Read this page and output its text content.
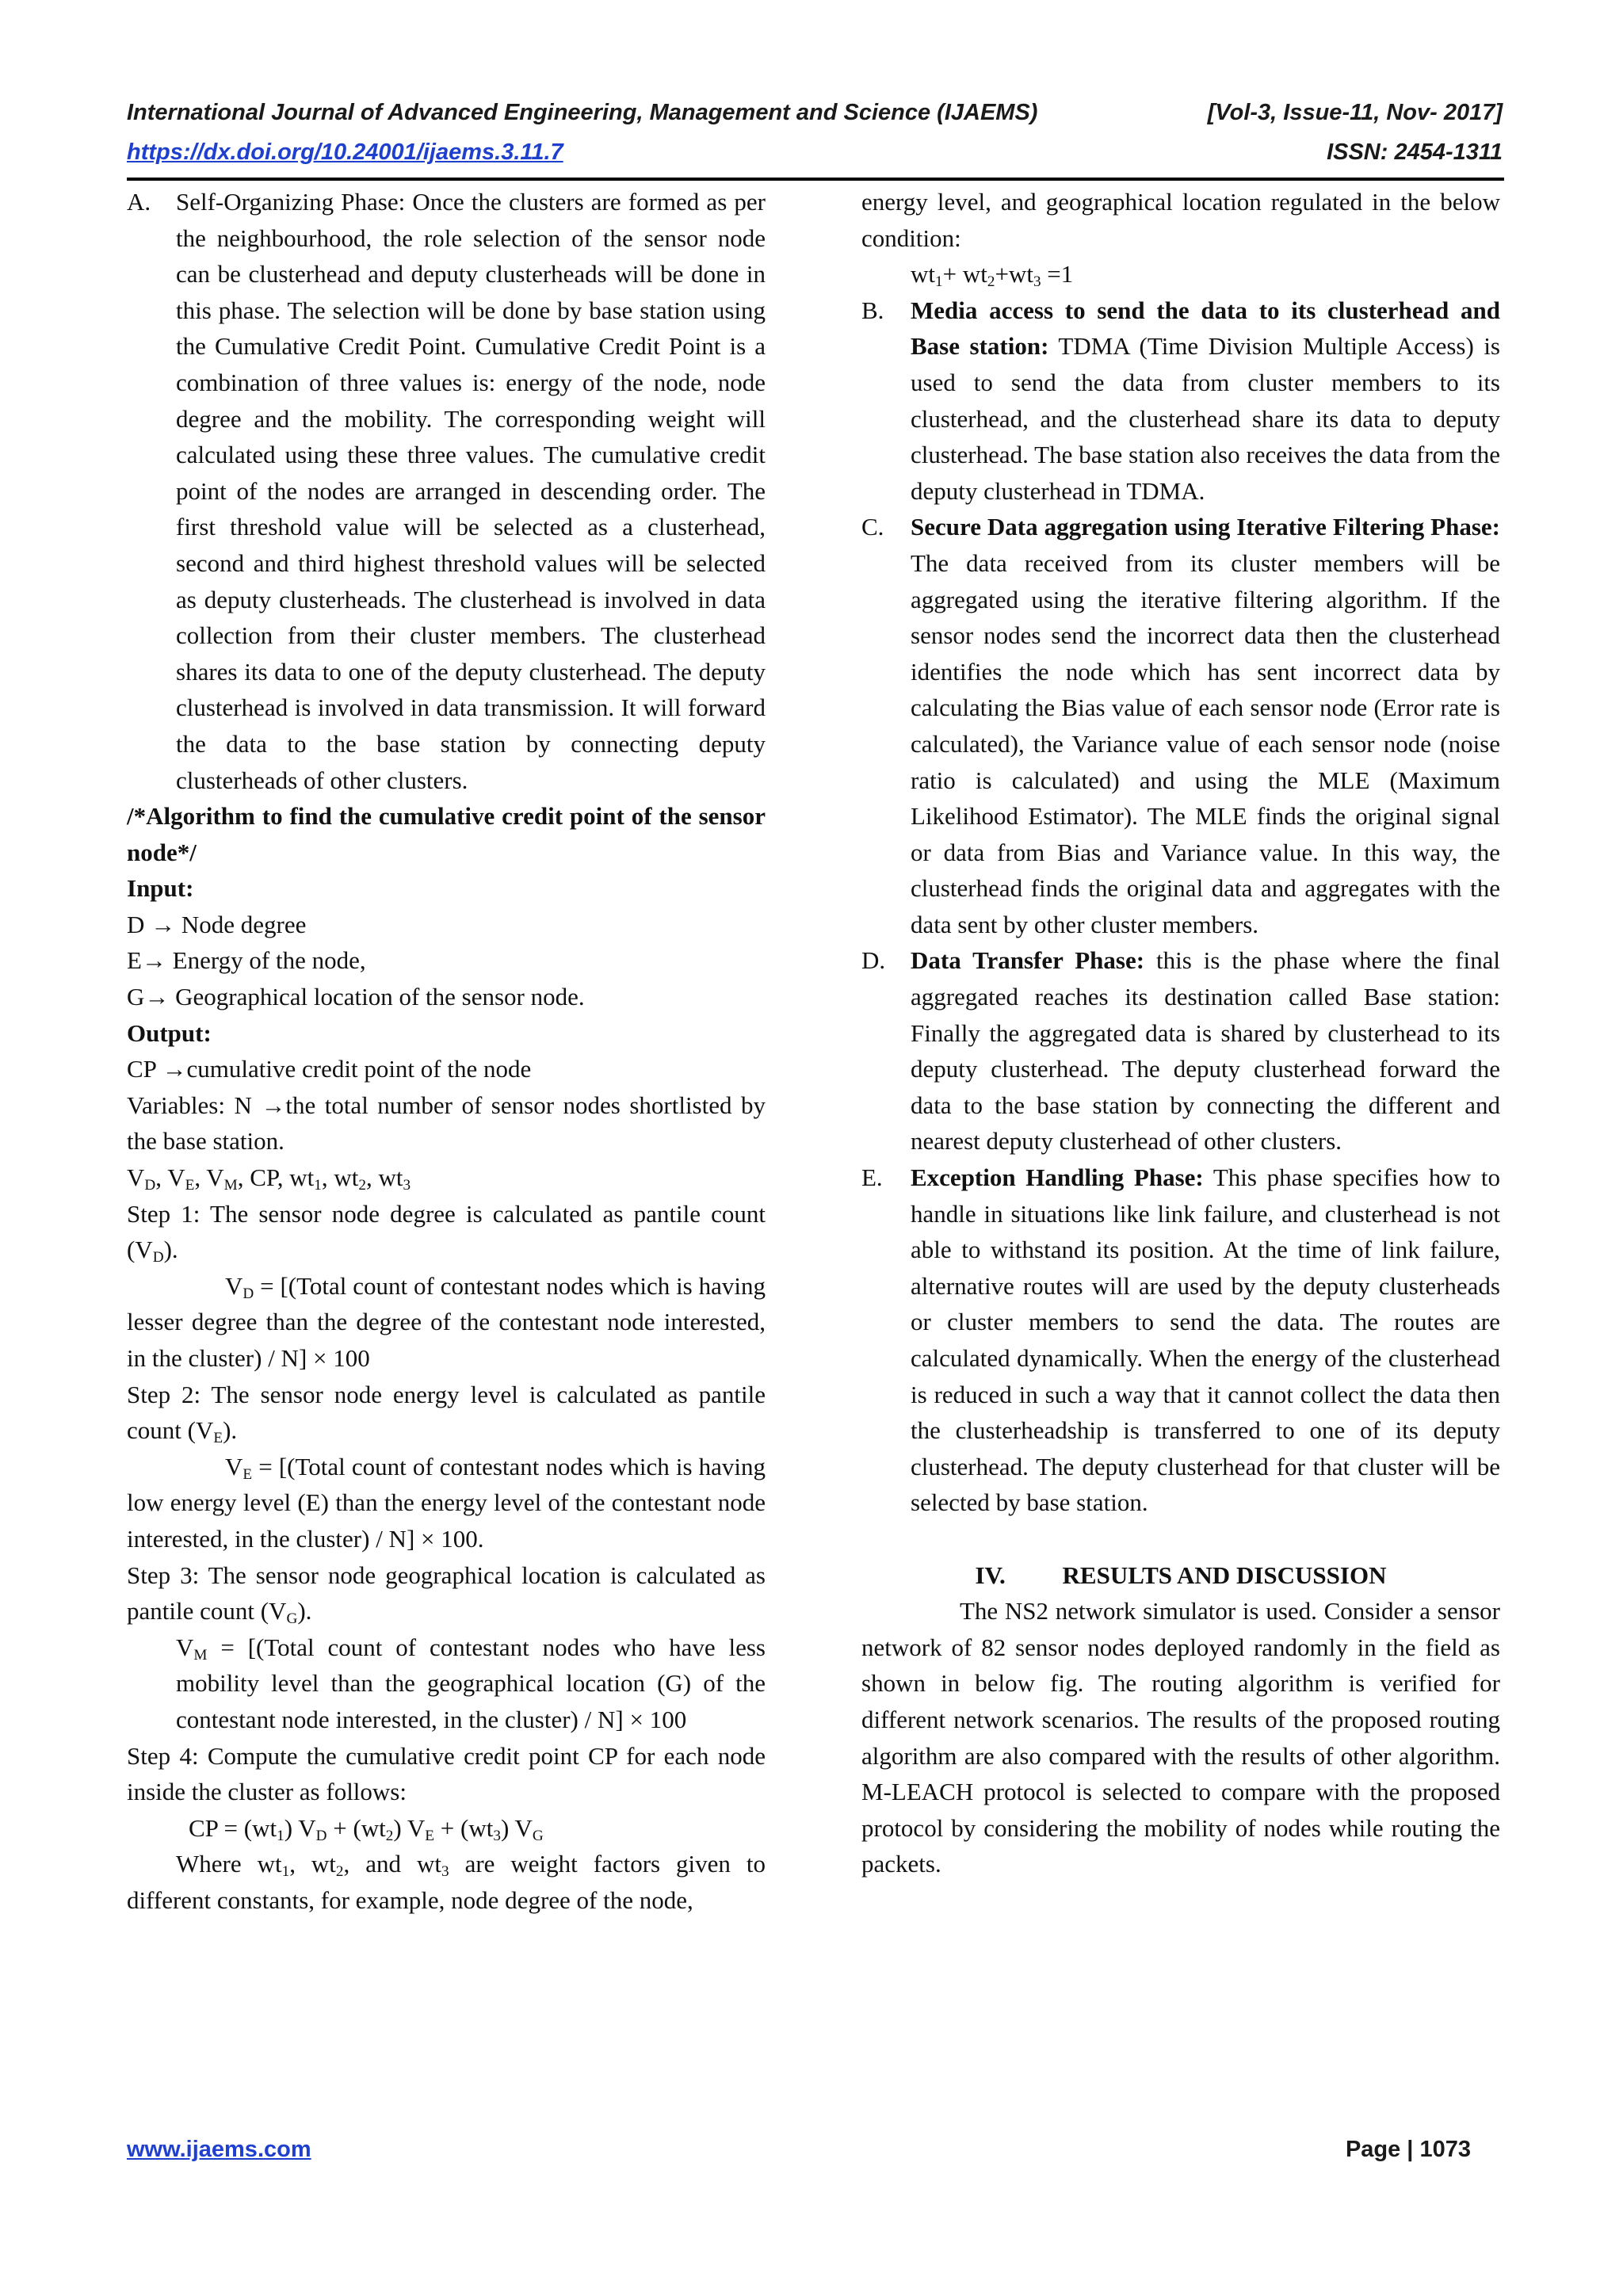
International Journal of Advanced Engineering, Management and Science (IJAEMS)	[Vol-3, Issue-11, Nov- 2017]
https://dx.doi.org/10.24001/ijaems.3.11.7	ISSN: 2454-1311
A.	Self-Organizing Phase: Once the clusters are formed as per the neighbourhood, the role selection of the sensor node can be clusterhead and deputy clusterheads will be done in this phase. The selection will be done by base station using the Cumulative Credit Point. Cumulative Credit Point is a combination of three values is: energy of the node, node degree and the mobility. The corresponding weight will calculated using these three values. The cumulative credit point of the nodes are arranged in descending order. The first threshold value will be selected as a clusterhead, second and third highest threshold values will be selected as deputy clusterheads. The clusterhead is involved in data collection from their cluster members. The clusterhead shares its data to one of the deputy clusterhead. The deputy clusterhead is involved in data transmission. It will forward the data to the base station by connecting deputy clusterheads of other clusters.
/*Algorithm to find the cumulative credit point of the sensor node*/
Input:
D → Node degree
E→ Energy of the node,
G→ Geographical location of the sensor node.
Output:
CP →cumulative credit point of the node
Variables: N →the total number of sensor nodes shortlisted by the base station.
$V_D$, $V_E$, $V_M$, CP, $wt_1$, $wt_2$, $wt_3$
Step 1: The sensor node degree is calculated as pantile count $(V_D)$.
$V_D$ = [(Total count of contestant nodes which is having lesser degree than the degree of the contestant node interested, in the cluster) / N] × 100
Step 2: The sensor node energy level is calculated as pantile count $(V_E)$.
$V_E$ = [(Total count of contestant nodes which is having low energy level (E) than the energy level of the contestant node interested, in the cluster) / N] × 100.
Step 3: The sensor node geographical location is calculated as pantile count $(V_G)$.
$V_M$ = [(Total count of contestant nodes who have less mobility level than the geographical location (G) of the contestant node interested, in the cluster) / N] × 100
Step 4: Compute the cumulative credit point CP for each node inside the cluster as follows:
CP = $(wt_1) V_D + (wt_2) V_E + (wt_3)$ $V_G$
Where $wt_1$, $wt_2$, and $wt_3$ are weight factors given to different constants, for example, node degree of the node,
energy level, and geographical location regulated in the below condition:
$wt_1+ wt_2+wt_3 =1$
B.	Media access to send the data to its clusterhead and Base station: TDMA (Time Division Multiple Access) is used to send the data from cluster members to its clusterhead, and the clusterhead share its data to deputy clusterhead. The base station also receives the data from the deputy clusterhead in TDMA.
C.	Secure Data aggregation using Iterative Filtering Phase: The data received from its cluster members will be aggregated using the iterative filtering algorithm. If the sensor nodes send the incorrect data then the clusterhead identifies the node which has sent incorrect data by calculating the Bias value of each sensor node (Error rate is calculated), the Variance value of each sensor node (noise ratio is calculated) and using the MLE (Maximum Likelihood Estimator). The MLE finds the original signal or data from Bias and Variance value. In this way, the clusterhead finds the original data and aggregates with the data sent by other cluster members.
D.	Data Transfer Phase: this is the phase where the final aggregated reaches its destination called Base station: Finally the aggregated data is shared by clusterhead to its deputy clusterhead. The deputy clusterhead forward the data to the base station by connecting the different and nearest deputy clusterhead of other clusters.
E.	Exception Handling Phase: This phase specifies how to handle in situations like link failure, and clusterhead is not able to withstand its position. At the time of link failure, alternative routes will are used by the deputy clusterheads or cluster members to send the data. The routes are calculated dynamically. When the energy of the clusterhead is reduced in such a way that it cannot collect the data then the clusterheadship is transferred to one of its deputy clusterhead. The deputy clusterhead for that cluster will be selected by base station.
IV. RESULTS AND DISCUSSION
The NS2 network simulator is used. Consider a sensor network of 82 sensor nodes deployed randomly in the field as shown in below fig. The routing algorithm is verified for different network scenarios. The results of the proposed routing algorithm are also compared with the results of other algorithm. M-LEACH protocol is selected to compare with the proposed protocol by considering the mobility of nodes while routing the packets.
www.ijaems.com	Page | 1073
